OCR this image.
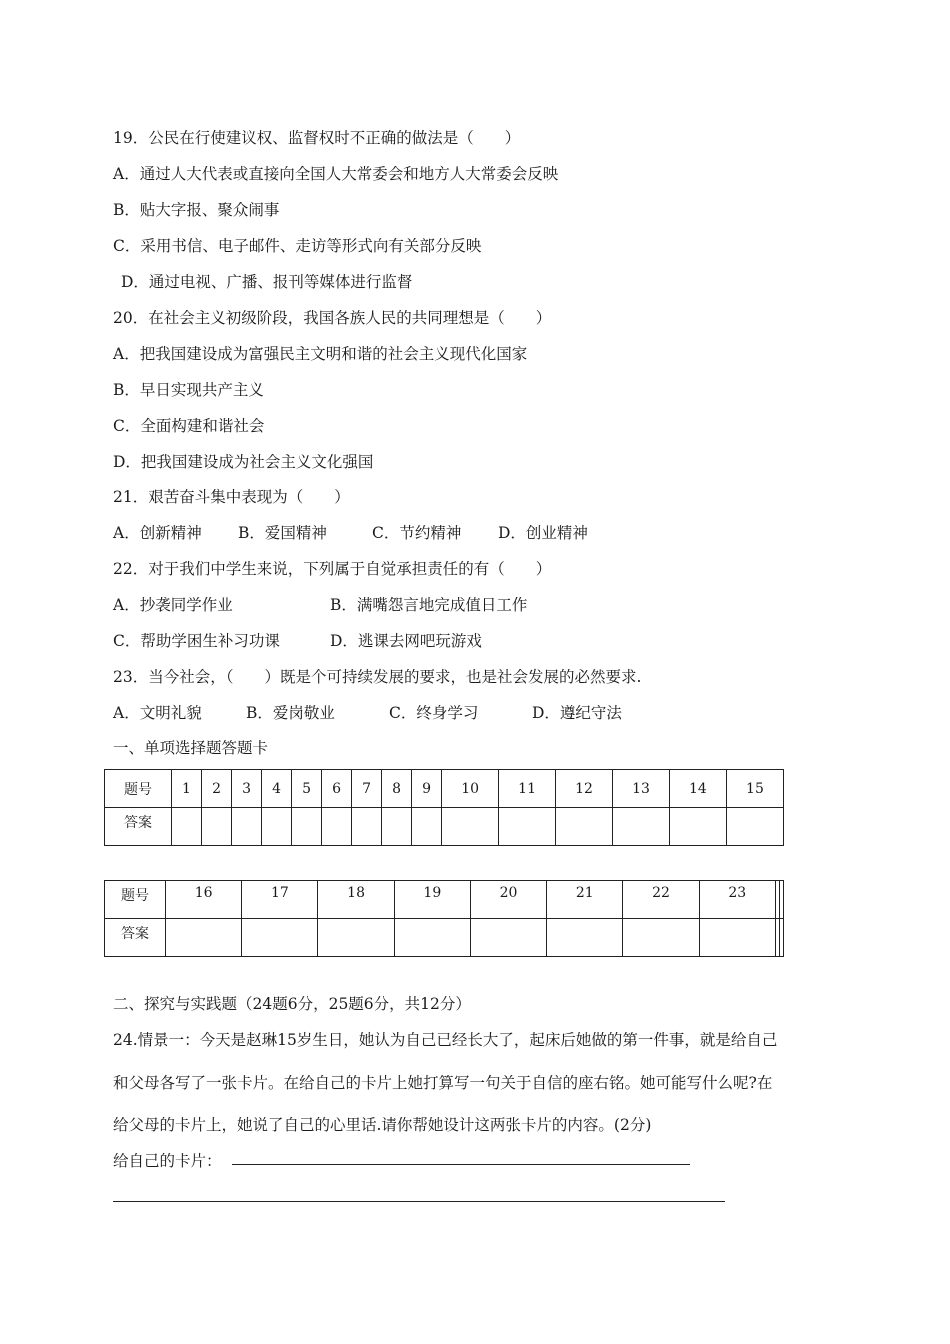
19．公民在行使建议权、监督权时不正确的做法是（　　）
A．通过人大代表或直接向全国人大常委会和地方人大常委会反映
B．贴大字报、聚众闹事
C．采用书信、电子邮件、走访等形式向有关部分反映
D．通过电视、广播、报刊等媒体进行监督
20．在社会主义初级阶段，我国各族人民的共同理想是（　　）
A．把我国建设成为富强民主文明和谐的社会主义现代化国家
B．早日实现共产主义
C．全面构建和谐社会
D．把我国建设成为社会主义文化强国
21．艰苦奋斗集中表现为（　　）
A．创新精神 B．爱国精神	C．节约精神 D．创业精神
22．对于我们中学生来说，下列属于自觉承担责任的有（　　）
A．抄袭同学作业	B．满嘴怨言地完成值日工作
C．帮助学困生补习功课	D．逃课去网吧玩游戏
23．当今社会，（　　）既是个可持续发展的要求，也是社会发展的必然要求.
A．文明礼貌	B．爱岗敬业	C．终身学习	D．遵纪守法
一、单项选择题答题卡
题号	1	2	3	4	5	6	7	8	9	10	11	12	13	14	15
答案															
题号	16	17	18	19	20	21	22	23		
答案										
二、探究与实践题（24题6分，25题6分，共12分）
24.情景一：今天是赵琳15岁生日，她认为自己已经长大了，起床后她做的第一件事，就是给自己
和父母各写了一张卡片。在给自己的卡片上她打算写一句关于自信的座右铭。她可能写什么呢?在
给父母的卡片上，她说了自己的心里话.请你帮她设计这两张卡片的内容。(2分)
给自己的卡片：
